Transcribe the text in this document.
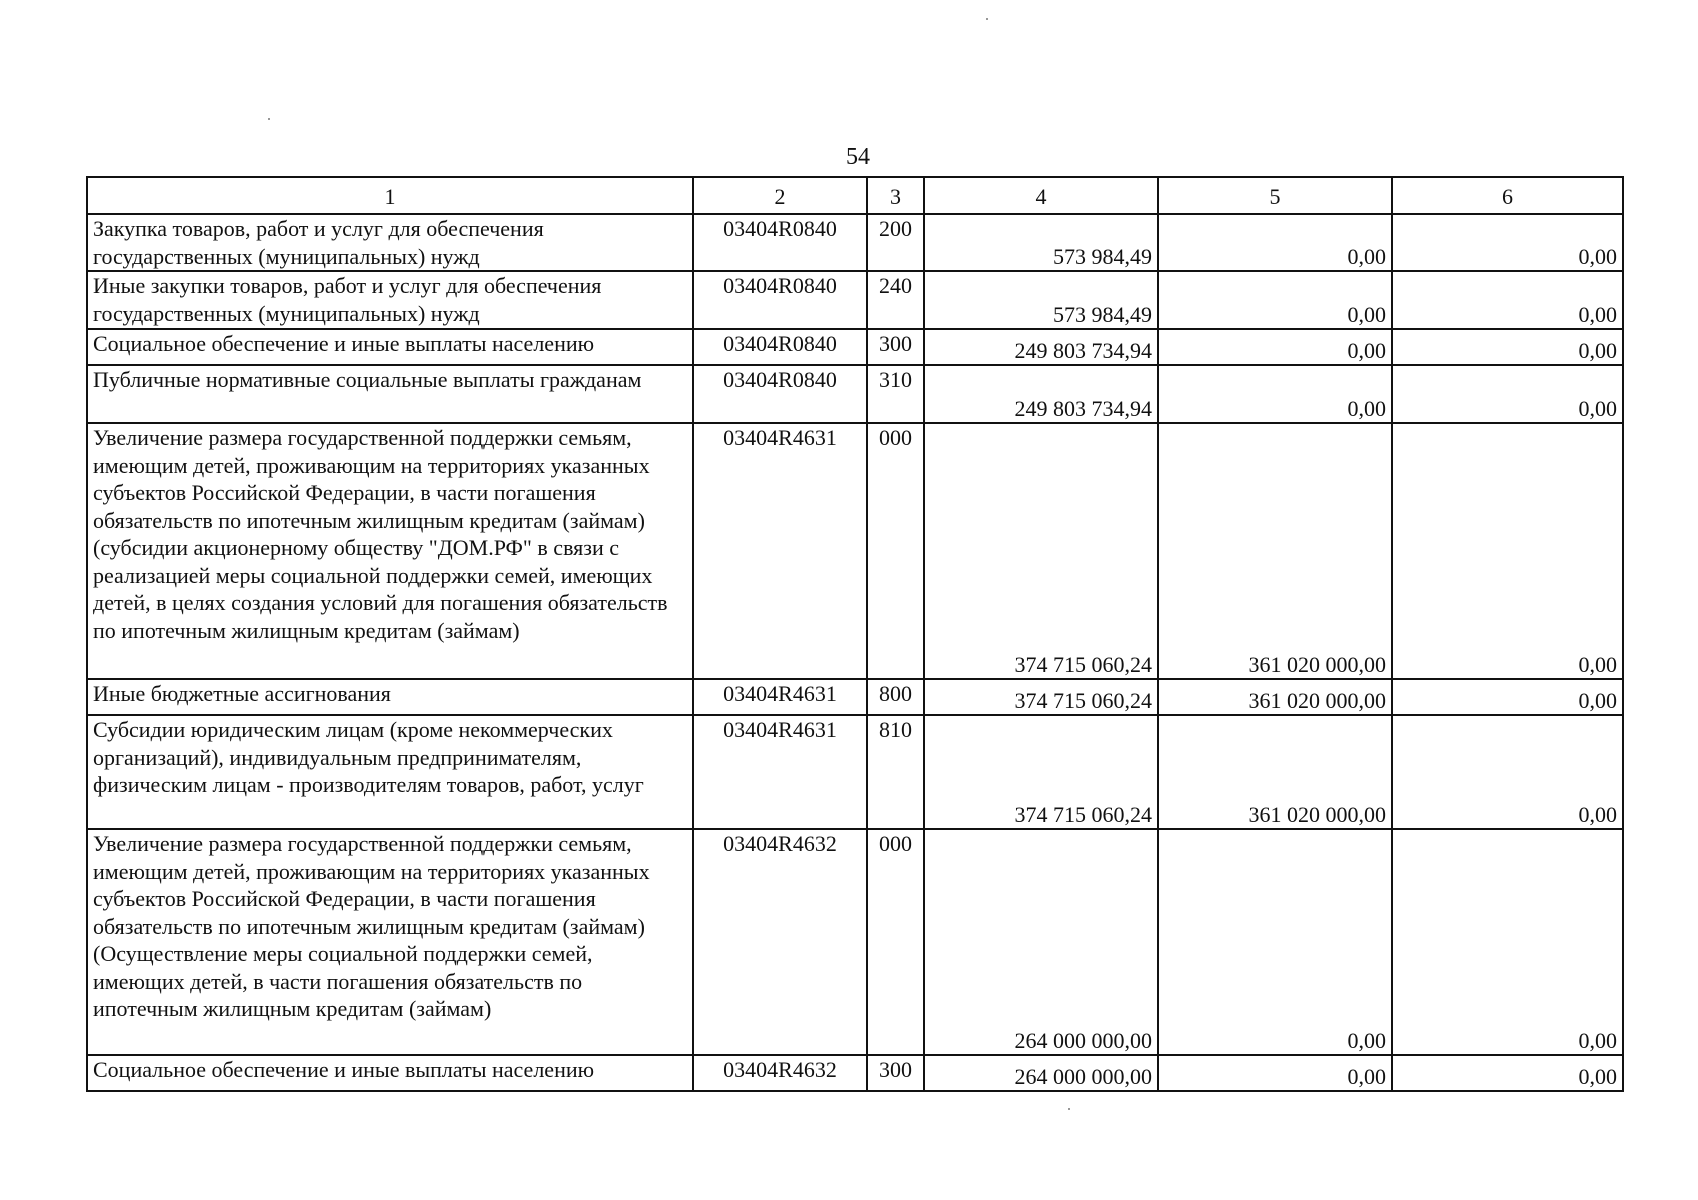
54
1	2	3	4	5	6
Закупка товаров, работ и услуг для обеспечения государственных (муниципальных) нужд	03404R0840	200	573 984,49	0,00	0,00
Иные закупки товаров, работ и услуг для обеспечения государственных (муниципальных) нужд	03404R0840	240	573 984,49	0,00	0,00
Социальное обеспечение и иные выплаты населению	03404R0840	300	249 803 734,94	0,00	0,00
Публичные нормативные социальные выплаты гражданам	03404R0840	310	249 803 734,94	0,00	0,00
Увеличение размера государственной поддержки семьям, имеющим детей, проживающим на территориях указанных субъектов Российской Федерации, в части погашения обязательств по ипотечным жилищным кредитам (займам) (субсидии акционерному обществу "ДОМ.РФ" в связи с реализацией меры социальной поддержки семей, имеющих детей, в целях создания условий для погашения обязательств по ипотечным жилищным кредитам (займам)	03404R4631	000	374 715 060,24	361 020 000,00	0,00
Иные бюджетные ассигнования	03404R4631	800	374 715 060,24	361 020 000,00	0,00
Субсидии юридическим лицам (кроме некоммерческих организаций), индивидуальным предпринимателям, физическим лицам - производителям товаров, работ, услуг	03404R4631	810	374 715 060,24	361 020 000,00	0,00
Увеличение размера государственной поддержки семьям, имеющим детей, проживающим на территориях указанных субъектов Российской Федерации, в части погашения обязательств по ипотечным жилищным кредитам (займам) (Осуществление меры социальной поддержки семей, имеющих детей, в части погашения обязательств по ипотечным жилищным кредитам (займам)	03404R4632	000	264 000 000,00	0,00	0,00
Социальное обеспечение и иные выплаты населению	03404R4632	300	264 000 000,00	0,00	0,00
